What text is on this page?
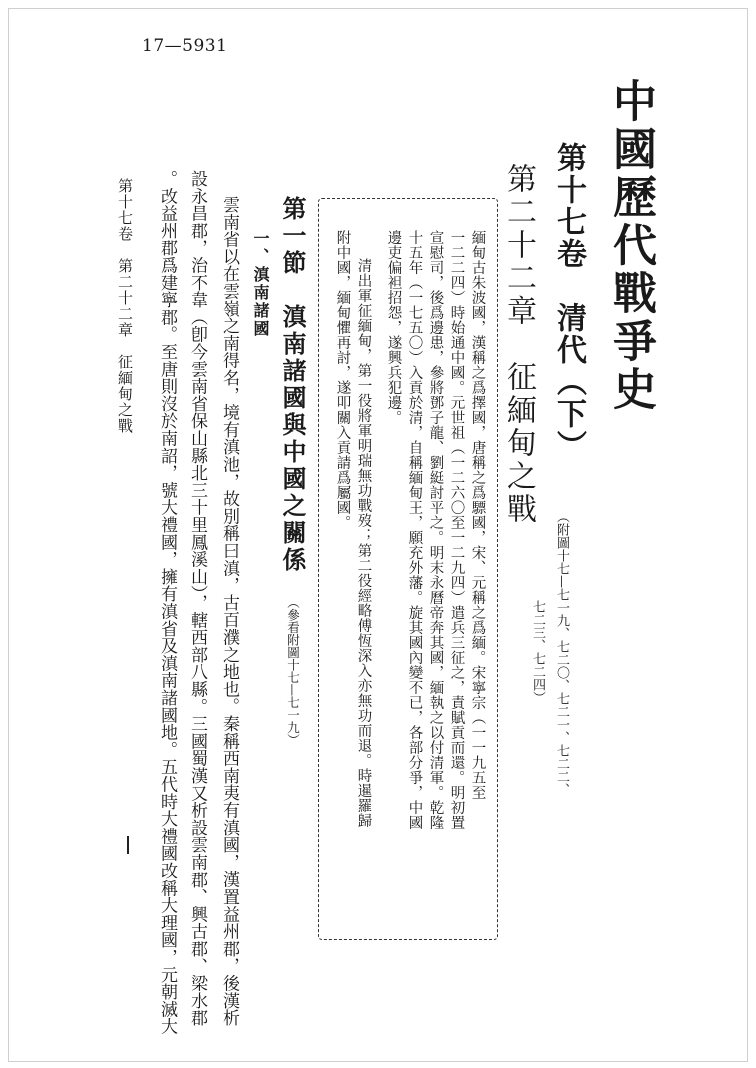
17—5931
中國歷代戰爭史
第十七卷　清代（下）
第二十二章　征緬甸之戰
（附圖十七—七一九、七二〇、七二一、七二二、
七二三、七二四）
緬甸古朱波國，漢稱之爲擇國，唐稱之爲驃國，宋、元稱之爲緬。宋寧宗（一一九五至
一二二四）時始通中國。元世祖（一二六〇至一二九四）遣兵三征之，責賦貢而還。明初置
宣慰司，後爲邊患，參將鄧子龍、劉綎討平之。明末永曆帝奔其國，緬執之以付清軍。乾隆
十五年（一七五〇）入貢於清，自稱緬甸王，願充外藩。旋其國內變不已，各部分爭，中國
邊吏偏袒招怨，遂興兵犯邊。
清出軍征緬甸，第一役將軍明瑞無功戰歿；第二役經略傅恆深入亦無功而退。時暹羅歸
附中國，緬甸懼再討，遂叩關入貢請爲屬國。
第一節　滇南諸國與中國之關係
（參看附圖十七—七一九）
一、滇南諸國
雲南省以在雲嶺之南得名，境有滇池，故別稱曰滇，古百濮之地也。秦稱西南夷有滇國，漢置益州郡，後漢析
設永昌郡，治不韋（卽今雲南省保山縣北三十里鳳溪山），轄西部八縣。三國蜀漢又析設雲南郡、興古郡、梁水郡
。改益州郡爲建寧郡。至唐則沒於南詔，號大禮國，擁有滇省及滇南諸國地。五代時大禮國改稱大理國，元朝滅大
第十七卷　第二十二章　征緬甸之戰
